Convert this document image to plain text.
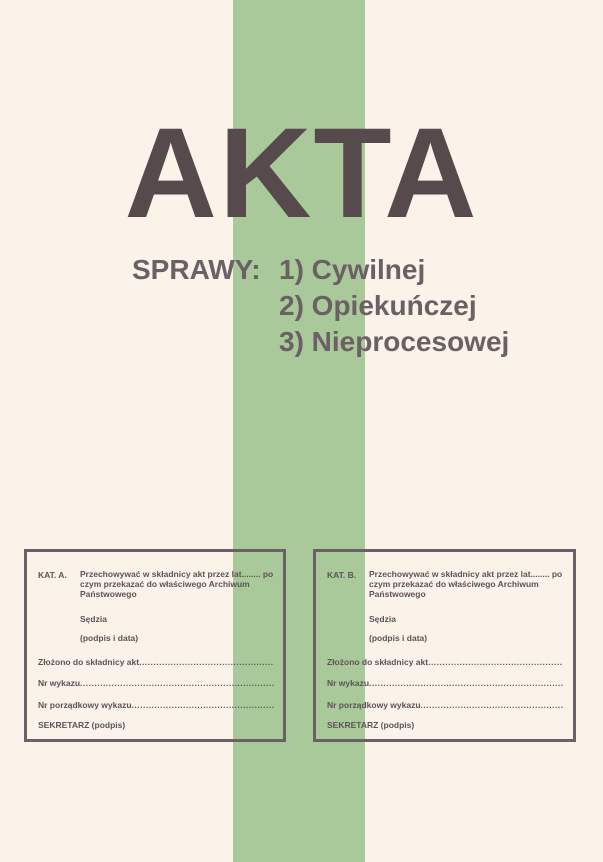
AKTA
SPRAWY: 1) Cywilnej
2) Opiekuńczej
3) Nieprocesowej
KAT. A. Przechowywać w składnicy akt przez lat........ po czym przekazać do właściwego Archiwum Państwowego
Sędzia
(podpis i data)
Złożono do składnicy akt .....
Nr wykazu .....
Nr porządkowy wykazu .....
SEKRETARZ (podpis)
KAT. B. Przechowywać w składnicy akt przez lat........ po czym przekazać do właściwego Archiwum Państwowego
Sędzia
(podpis i data)
Złożono do składnicy akt .....
Nr wykazu .....
Nr porządkowy wykazu .....
SEKRETARZ (podpis)
